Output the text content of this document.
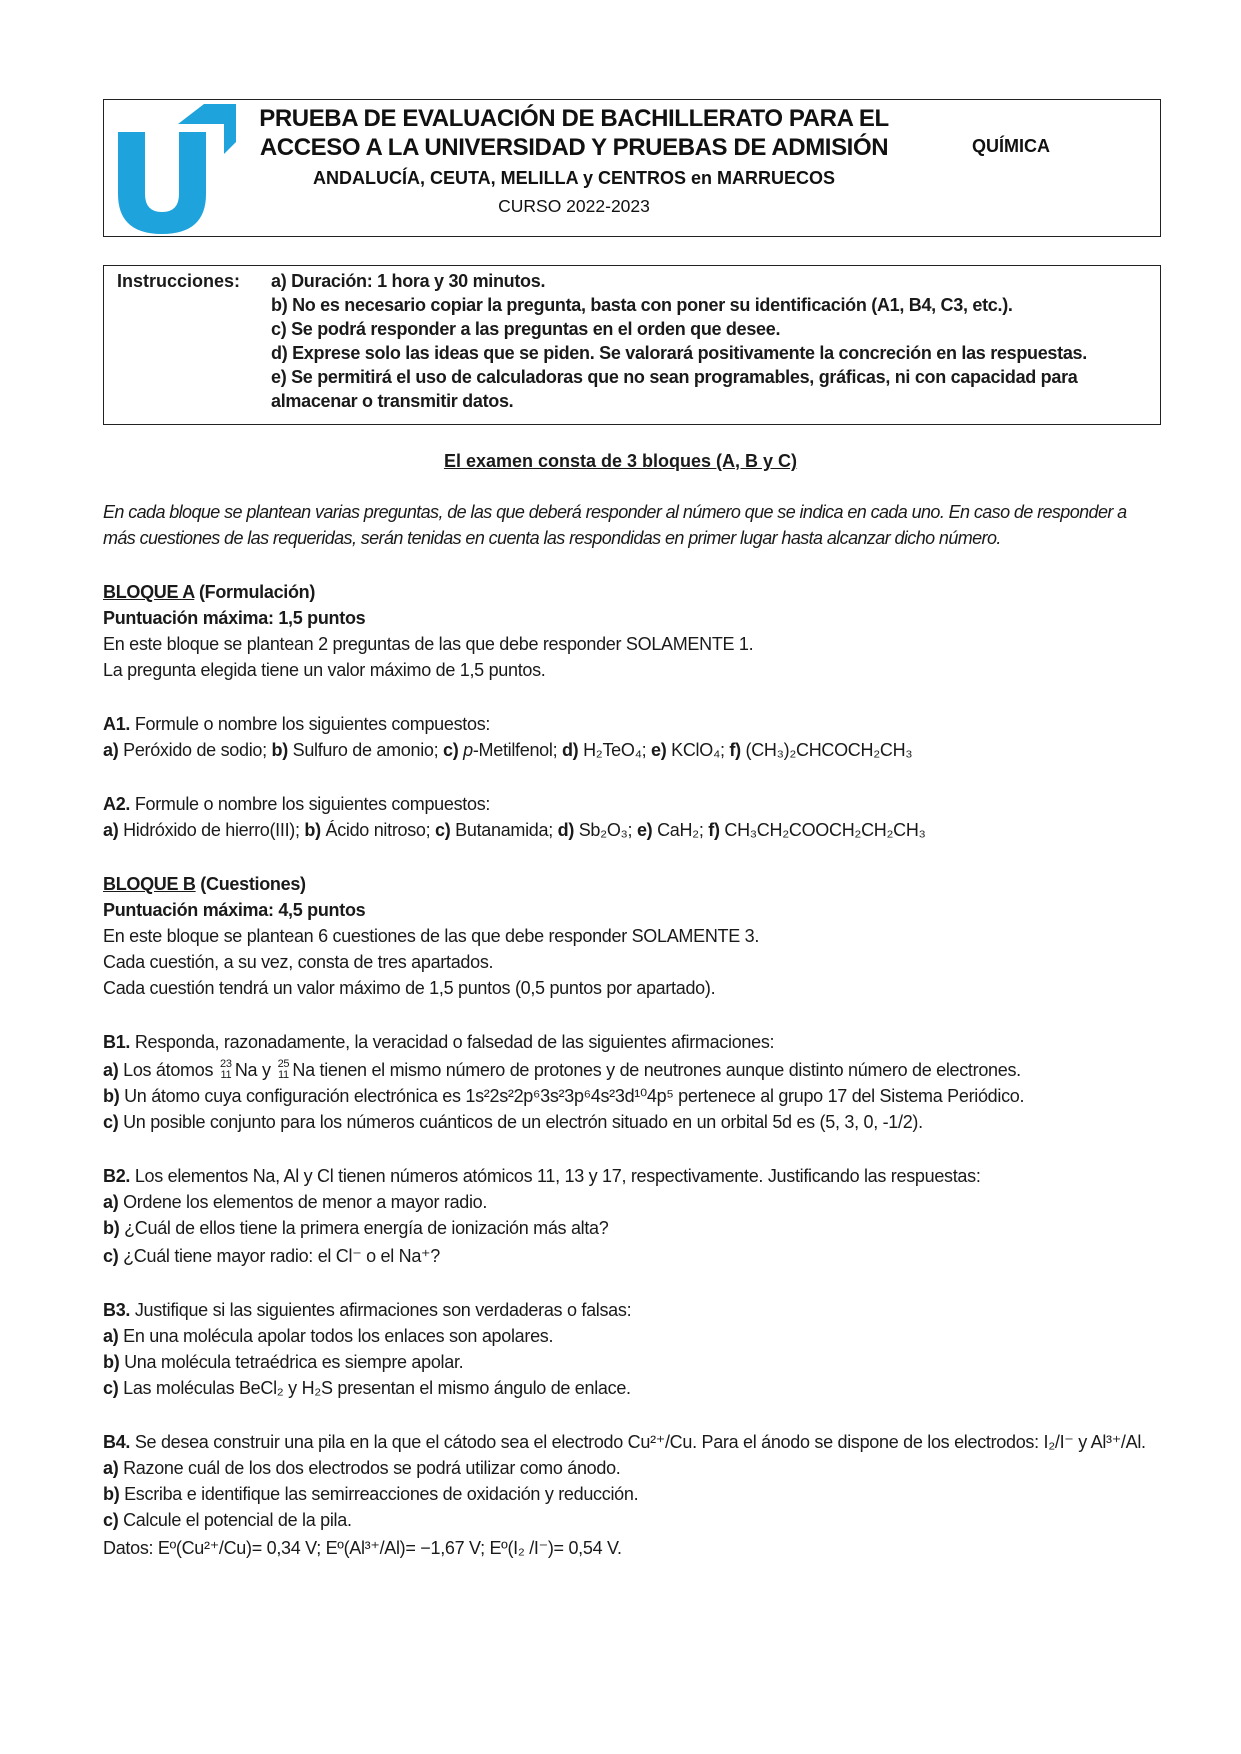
PRUEBA DE EVALUACIÓN DE BACHILLERATO PARA EL
ACCESO A LA UNIVERSIDAD Y PRUEBAS DE ADMISIÓN
ANDALUCÍA, CEUTA, MELILLA y CENTROS en MARRUECOS
CURSO 2022-2023
QUÍMICA
Instrucciones: a) Duración: 1 hora y 30 minutos.
b) No es necesario copiar la pregunta, basta con poner su identificación (A1, B4, C3, etc.).
c) Se podrá responder a las preguntas en el orden que desee.
d) Exprese solo las ideas que se piden. Se valorará positivamente la concreción en las respuestas.
e) Se permitirá el uso de calculadoras que no sean programables, gráficas, ni con capacidad para
almacenar o transmitir datos.
El examen consta de 3 bloques (A, B y C)
En cada bloque se plantean varias preguntas, de las que deberá responder al número que se indica en cada uno. En caso de responder a
más cuestiones de las requeridas, serán tenidas en cuenta las respondidas en primer lugar hasta alcanzar dicho número.
BLOQUE A (Formulación)
Puntuación máxima: 1,5 puntos
En este bloque se plantean 2 preguntas de las que debe responder SOLAMENTE 1.
La pregunta elegida tiene un valor máximo de 1,5 puntos.
A1. Formule o nombre los siguientes compuestos:
a) Peróxido de sodio; b) Sulfuro de amonio; c) p-Metilfenol; d) H₂TeO₄; e) KClO₄; f) (CH₃)₂CHCOCH₂CH₃
A2. Formule o nombre los siguientes compuestos:
a) Hidróxido de hierro(III); b) Ácido nitroso; c) Butanamida; d) Sb₂O₃; e) CaH₂; f) CH₃CH₂COOCH₂CH₂CH₃
BLOQUE B (Cuestiones)
Puntuación máxima: 4,5 puntos
En este bloque se plantean 6 cuestiones de las que debe responder SOLAMENTE 3.
Cada cuestión, a su vez, consta de tres apartados.
Cada cuestión tendrá un valor máximo de 1,5 puntos (0,5 puntos por apartado).
B1. Responda, razonadamente, la veracidad o falsedad de las siguientes afirmaciones:
a) Los átomos 23
11 Na y 25
11 Na tienen el mismo número de protones y de neutrones aunque distinto número de electrones.
b) Un átomo cuya configuración electrónica es 1s²2s²2p⁶3s²3p⁶4s²3d¹⁰4p⁵ pertenece al grupo 17 del Sistema Periódico.
c) Un posible conjunto para los números cuánticos de un electrón situado en un orbital 5d es (5, 3, 0, -1/2).
B2. Los elementos Na, Al y Cl tienen números atómicos 11, 13 y 17, respectivamente. Justificando las respuestas:
a) Ordene los elementos de menor a mayor radio.
b) ¿Cuál de ellos tiene la primera energía de ionización más alta?
c) ¿Cuál tiene mayor radio: el Cl⁻ o el Na⁺?
B3. Justifique si las siguientes afirmaciones son verdaderas o falsas:
a) En una molécula apolar todos los enlaces son apolares.
b) Una molécula tetraédrica es siempre apolar.
c) Las moléculas BeCl₂ y H₂S presentan el mismo ángulo de enlace.
B4. Se desea construir una pila en la que el cátodo sea el electrodo Cu²⁺/Cu. Para el ánodo se dispone de los electrodos: I₂/I⁻ y Al³⁺/Al.
a) Razone cuál de los dos electrodos se podrá utilizar como ánodo.
b) Escriba e identifique las semirreacciones de oxidación y reducción.
c) Calcule el potencial de la pila.
Datos: Eº(Cu²⁺/Cu)= 0,34 V; Eº(Al³⁺/Al)= −1,67 V; Eº(I₂ /I⁻)= 0,54 V.
